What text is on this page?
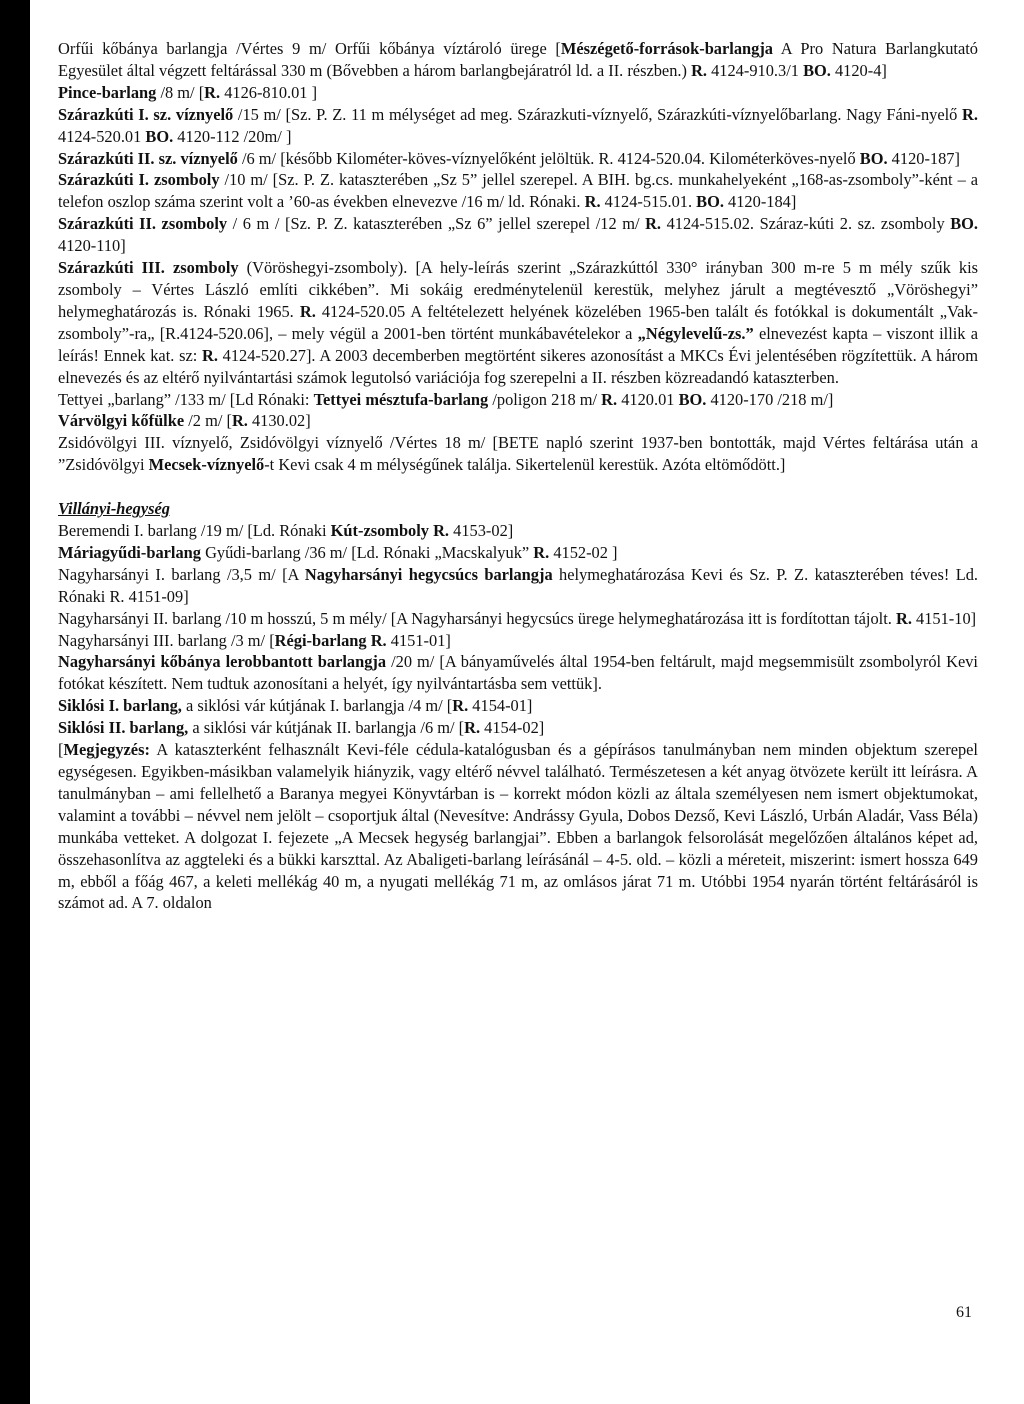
Orfűi kőbánya barlangja /Vértes 9 m/ Orfűi kőbánya víztároló ürege [Mészégető-források-barlangja A Pro Natura Barlangkutató Egyesület által végzett feltárással 330 m (Bővebben a három barlangbejáratról ld. a II. részben.) R. 4124-910.3/1 BO. 4120-4]

Pince-barlang /8 m/ [R. 4126-810.01 ]

Szárazkúti I. sz. víznyelő /15 m/ [Sz. P. Z. 11 m mélységet ad meg. Szárazkuti-víznyelő, Szárazkúti-víznyelőbarlang. Nagy Fáni-nyelő R. 4124-520.01 BO. 4120-112 /20m/ ]

Szárazkúti II. sz. víznyelő /6 m/ [később Kilométer-köves-víznyelőként jelöltük. R. 4124-520.04. Kilométerköves-nyelő BO. 4120-187]

Szárazkúti I. zsomboly /10 m/ [Sz. P. Z. kataszterében „Sz 5” jellel szerepel. A BIH. bg.cs. munkahelyeként „168-as-zsomboly”-ként – a telefon oszlop száma szerint volt a ’60-as években elnevezve /16 m/ ld. Rónaki. R. 4124-515.01. BO. 4120-184]

Szárazkúti II. zsomboly / 6 m / [Sz. P. Z. kataszterében „Sz 6” jellel szerepel /12 m/ R. 4124-515.02. Száraz-kúti 2. sz. zsomboly BO. 4120-110]

Szárazkúti III. zsomboly (Vöröshegyi-zsomboly). [A hely-leírás szerint „Szárazkúttól 330° irányban 300 m-re 5 m mély szűk kis zsomboly – Vértes László említi cikkében”. Mi sokáig eredménytelenül kerestük, melyhez járult a megtévesztő „Vöröshegyi” helymeghatározás is. Rónaki 1965. R. 4124-520.05 A feltételezett helyének közelében 1965-ben talált és fotókkal is dokumentált „Vak-zsomboly”-ra„ [R.4124-520.06], – mely végül a 2001-ben történt munkábavételekor a „Négylevelű-zs.” elnevezést kapta – viszont illik a leírás! Ennek kat. sz: R. 4124-520.27]. A 2003 decemberben megtörtént sikeres azonosítást a MKCs Évi jelentésében rögzítettük. A három elnevezés és az eltérő nyilvántartási számok legutolsó variációja fog szerepelni a II. részben közreadandó kataszterben.

Tettyei „barlang” /133 m/ [Ld Rónaki: Tettyei mésztufa-barlang /poligon 218 m/ R. 4120.01 BO. 4120-170 /218 m/]

Várvölgyi kőfülke /2 m/ [R. 4130.02]

Zsidóvölgyi III. víznyelő, Zsidóvölgyi víznyelő /Vértes 18 m/ [BETE napló szerint 1937-ben bontották, majd Vértes feltárása után a ”Zsidóvölgyi Mecsek-víznyelő-t Kevi csak 4 m mélységűnek találja. Sikertelenül kerestük. Azóta eltömődött.]

Villányi-hegység

Beremendi I. barlang /19 m/ [Ld. Rónaki Kút-zsomboly R. 4153-02]

Máriagyűdi-barlang Gyűdi-barlang /36 m/ [Ld. Rónaki „Macskalyuk” R. 4152-02 ]

Nagyharsányi I. barlang /3,5 m/ [A Nagyharsányi hegycsúcs barlangja helymeghatározása Kevi és Sz. P. Z. kataszterében téves! Ld. Rónaki R. 4151-09]

Nagyharsányi II. barlang /10 m hosszú, 5 m mély/ [A Nagyharsányi hegycsúcs ürege helymeghatározása itt is fordítottan tájolt. R. 4151-10]

Nagyharsányi III. barlang /3 m/ [Régi-barlang R. 4151-01]

Nagyharsányi kőbánya lerobbantott barlangja /20 m/ [A bányaművelés által 1954-ben feltárult, majd megsemmisült zsombolyról Kevi fotókat készített. Nem tudtuk azonosítani a helyét, így nyilvántartásba sem vettük].

Siklósi I. barlang, a siklósi vár kútjának I. barlangja /4 m/ [R. 4154-01]

Siklósi II. barlang, a siklósi vár kútjának II. barlangja /6 m/ [R. 4154-02]

[Megjegyzés: A kataszterként felhasznált Kevi-féle cédula-katalógusban és a gépírásos tanulmányban nem minden objektum szerepel egységesen. Egyikben-másikban valamelyik hiányzik, vagy eltérő névvel található. Természetesen a két anyag ötvözete került itt leírásra. A tanulmányban – ami fellelhető a Baranya megyei Könyvtárban is – korrekt módon közli az általa személyesen nem ismert objektumokat, valamint a további – névvel nem jelölt – csoportjuk által (Nevesítve: Andrássy Gyula, Dobos Dezső, Kevi László, Urbán Aladár, Vass Béla) munkába vetteket. A dolgozat I. fejezete „A Mecsek hegység barlangjai”. Ebben a barlangok felsorolását megelőzően általános képet ad, összehasonlítva az aggteleki és a bükki karszttal. Az Abaligeti-barlang leírásánál – 4-5. old. – közli a méreteit, miszerint: ismert hossza 649 m, ebből a főág 467, a keleti mellékág 40 m, a nyugati mellékág 71 m, az omlásos járat 71 m. Utóbbi 1954 nyarán történt feltárásáról is számot ad. A 7. oldalon

61
